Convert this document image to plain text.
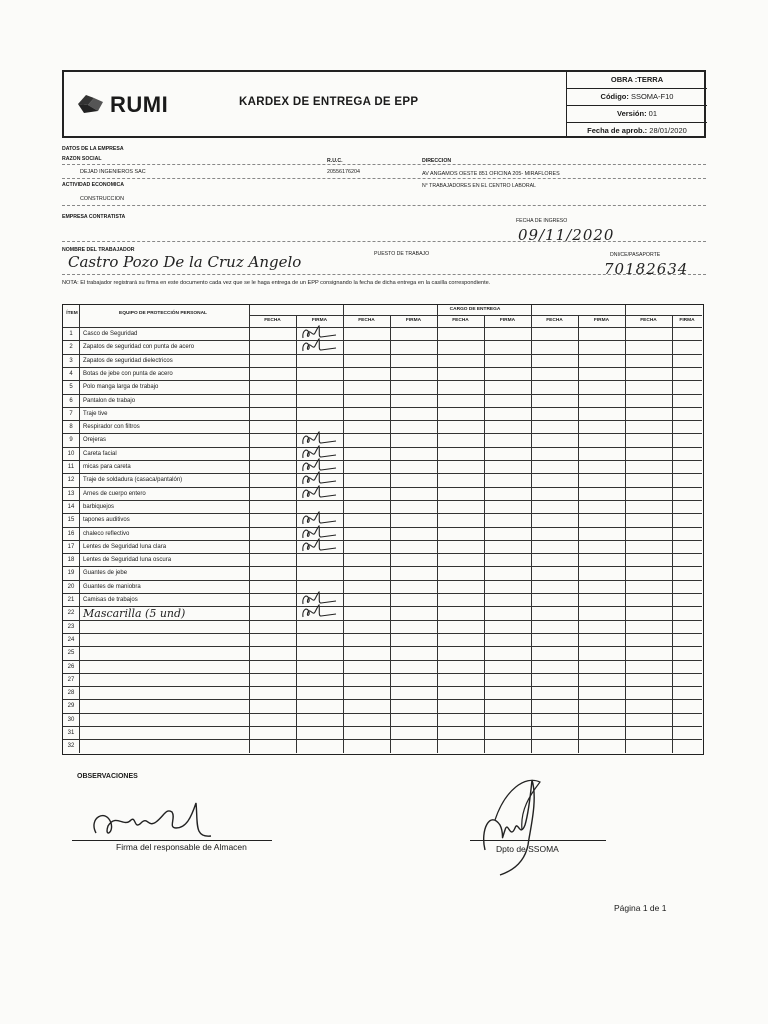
RUMI	KARDEX DE ENTREGA DE EPP
OBRA :TERRA
Código: SSOMA-F10
Versión: 01
Fecha de aprob.: 28/01/2020
DATOS DE LA EMPRESA
RAZON SOCIAL	R.U.C.	DIRECCION
DEJAD INGENIEROS SAC	20556176204	AV ANGAMOS OESTE 851 OFICINA 205- MIRAFLORES
ACTIVIDAD ECONOMICA	N° TRABAJADORES EN EL CENTRO LABORAL
CONSTRUCCION
EMPRESA CONTRATISTA
FECHA DE INGRESO
09/11/2020
NOMBRE DEL TRABAJADOR
PUESTO DE TRABAJO	DNI/CE/PASAPORTE
Castro Pozo De la Cruz Angelo	70182634
NOTA: El trabajador registrará su firma en este documento cada vez que se le haga entrega de un EPP consignando la fecha de dicha entrega en la casilla correspondiente.
ÍTEM	EQUIPO DE PROTECCIÓN PERSONAL
CARGO DE ENTREGA
FECHA	FIRMA	FECHA	FIRMA	FECHA	FIRMA	FECHA	FIRMA	FECHA	FIRMA
1	Casco de Seguridad
2	Zapatos de seguridad con punta de acero
3	Zapatos de seguridad dielectricos
4	Botas de jebe con punta de acero
5	Polo manga larga de trabajo
6	Pantalon de trabajo
7	Traje tive
8	Respirador con filtros
9	Orejeras
10	Careta facial
11	micas para careta
12	Traje de soldadura (casaca/pantalón)
13	Arnes de cuerpo entero
14	barbiquejos
15	tapones auditivos
16	chaleco reflectivo
17	Lentes de Seguridad luna clara
18	Lentes de Seguridad luna oscura
19	Guantes de jebe
20	Guantes de maniobra
21	Camisas de trabajos
22 Mascarilla (5 und)
23
24
25
26
27
28
29
30
31
32
OBSERVACIONES
Firma del responsable de Almacen	Dpto de SSOMA
Página 1 de 1
